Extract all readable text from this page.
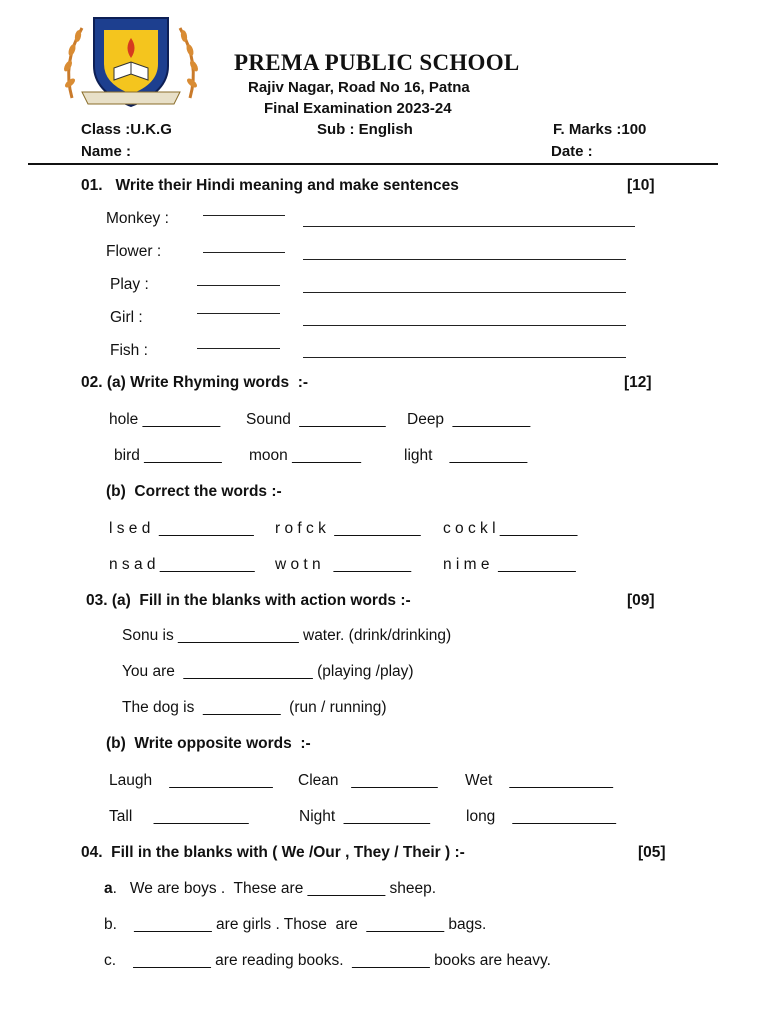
PREMA PUBLIC SCHOOL
Rajiv Nagar, Road No 16, Patna
Final Examination 2023-24
Class :U.K.G	Sub : English	F. Marks :100
Name :	Date :
01.   Write their Hindi meaning and make sentences	[10]
Monkey :
Flower :
Play :
Girl :
Fish :
02. (a) Write Rhyming words  :-	[12]
hole _________ Sound  __________ Deep  _________
bird _________ moon ________	light    _________
(b)  Correct the words :-
l s e d  ___________ r o f c k  __________ c o c k l _________
n s a d ___________ w o t n   _________ n i m e  _________
03. (a)  Fill in the blanks with action words :-	[09]
Sonu is ______________ water. (drink/drinking)
You are  _______________ (playing /play)
The dog is  _________  (run / running)
(b)  Write opposite words  :-
Laugh    ____________ Clean   __________ Wet    ____________
Tall     ___________	Night  __________ long    ____________
04.  Fill in the blanks with ( We /Our , They / Their ) :-	[05]
a.   We are boys .  These are _________ sheep.
b.    _________ are girls . Those  are  _________ bags.
c.    _________ are reading books.  _________ books are heavy.
